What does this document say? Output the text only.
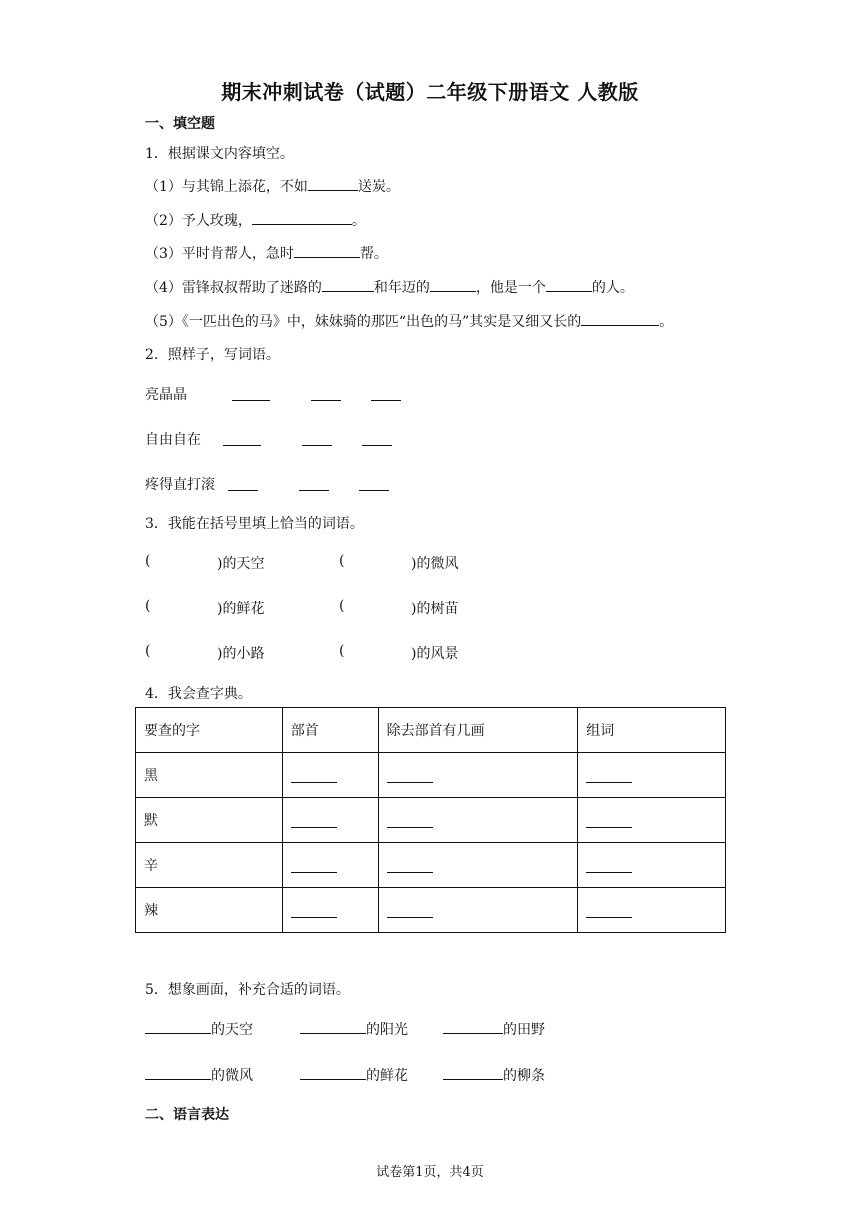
期末冲刺试卷（试题）二年级下册语文 人教版
一、填空题
1．根据课文内容填空。
（1）与其锦上添花，不如	送炭。
（2）予人玫瑰，	。
（3）平时肯帮人，急时	帮。
（4）雷锋叔叔帮助了迷路的	和年迈的	，他是一个	的人。
（5）《一匹出色的马》中，妹妹骑的那匹“出色的马”其实是又细又长的	。
2．照样子，写词语。
亮晶晶
自由自在
疼得直打滚
3．我能在括号里填上恰当的词语。
(	)的天空	(	)的微风
(	)的鲜花	(	)的树苗
(	)的小路	(	)的风景
4．我会查字典。
要查的字	部首	除去部首有几画	组词
黑			
默			
辛			
辣			
5．想象画面，补充合适的词语。
的天空	的阳光	的田野
的微风	的鲜花	的柳条
二、语言表达
试卷第1页，共4页
